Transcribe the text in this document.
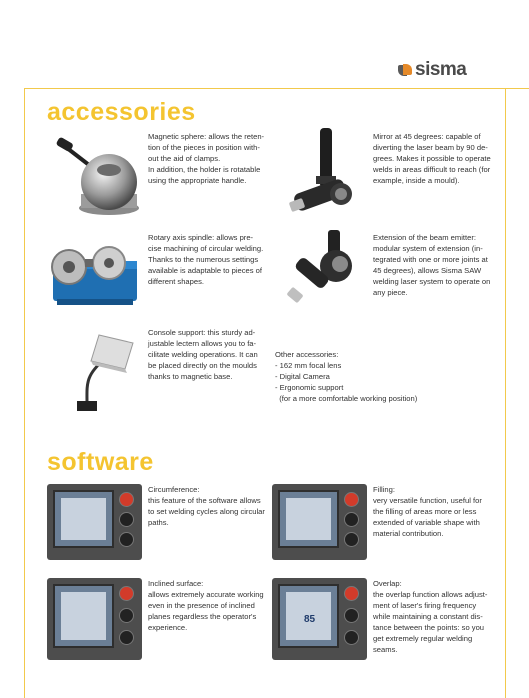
sisma
accessories

Magnetic sphere: allows the reten-

tion of the pieces in position with-

out the aid of clamps.

In addition, the holder is rotatable

using the appropriate handle.

Mirror at 45 degrees: capable of

diverting the laser beam by 90 de-

grees. Makes it possible to operate

welds in areas difficult to reach (for

example, inside a mould).

Rotary axis spindle: allows pre-

cise machining of circular welding.

Thanks to the numerous settings

available is adaptable to pieces of

different shapes.

Extension of the beam emitter:

modular system of extension (in-

tegrated with one or more joints at

45 degrees), allows Sisma SAW

welding laser system to operate on

any piece.

Console support: this sturdy ad-

justable lectern allows you to fa-

cilitate welding operations. It can

be placed directly on the moulds

thanks to magnetic base.

Other accessories:

- 162 mm focal lens

- Digital Camera

- Ergonomic support

(for a more comfortable working position)

software

Circumference:

this feature of the software allows

to set welding cycles along circular

paths.

Filling:

very versatile function, useful for

the filling of areas more or less

extended of variable shape with

material contribution.

Inclined surface:

allows extremely accurate working

even in the presence of inclined

planes regardless the operator's

experience.

85

Overlap:

the overlap function allows adjust-

ment of laser's firing frequency

while maintaining a constant dis-

tance between the points: so you

get extremely regular welding

seams.
